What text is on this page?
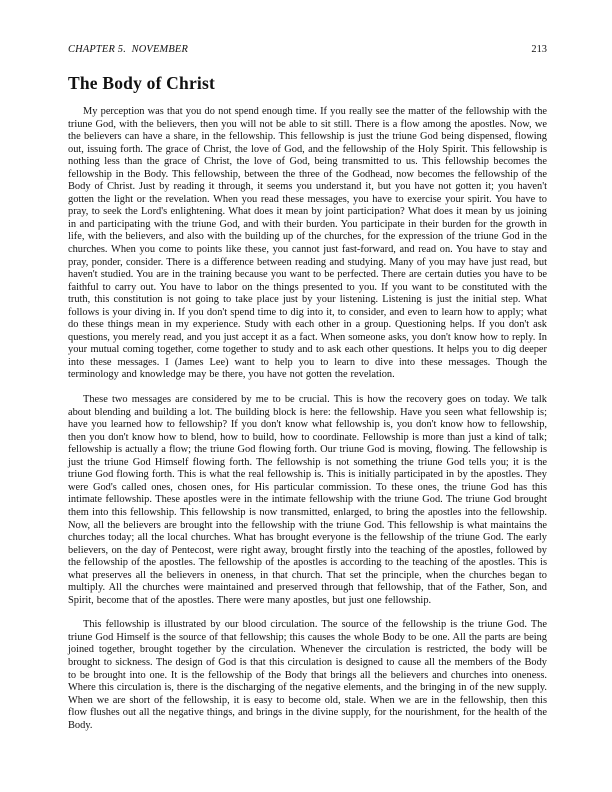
CHAPTER 5.  NOVEMBER	213
The Body of Christ

My perception was that you do not spend enough time. If you really see the matter of the fellowship with the triune God, with the believers, then you will not be able to sit still. There is a flow among the apostles. Now, we the believers can have a share, in the fellowship. This fellowship is just the triune God being dispensed, flowing out, issuing forth. The grace of Christ, the love of God, and the fellowship of the Holy Spirit. This fellowship is nothing less than the grace of Christ, the love of God, being transmitted to us. This fellowship becomes the fellowship in the Body. This fellowship, between the three of the Godhead, now becomes the fellowship of the Body of Christ. Just by reading it through, it seems you understand it, but you have not gotten it; you haven't gotten the light or the revelation. When you read these messages, you have to exercise your spirit. You have to pray, to seek the Lord's enlightening. What does it mean by joint participation? What does it mean by us joining in and participating with the triune God, and with their burden. You participate in their burden for the growth in life, with the believers, and also with the building up of the churches, for the expression of the triune God in the churches. When you come to points like these, you cannot just fast-forward, and read on. You have to stay and pray, ponder, consider. There is a difference between reading and studying. Many of you may have just read, but haven't studied. You are in the training because you want to be perfected. There are certain duties you have to be faithful to carry out. You have to labor on the things presented to you. If you want to be constituted with the truth, this constitution is not going to take place just by your listening. Listening is just the initial step. What follows is your diving in. If you don't spend time to dig into it, to consider, and even to learn how to apply; what do these things mean in my experience. Study with each other in a group. Questioning helps. If you don't ask questions, you merely read, and you just accept it as a fact. When someone asks, you don't know how to reply. In your mutual coming together, come together to study and to ask each other questions. It helps you to dig deeper into these messages. I (James Lee) want to help you to learn to dive into these messages. Though the terminology and knowledge may be there, you have not gotten the revelation.

These two messages are considered by me to be crucial. This is how the recovery goes on today. We talk about blending and building a lot. The building block is here: the fellowship. Have you seen what fellowship is; have you learned how to fellowship? If you don't know what fellowship is, you don't know how to fellowship, then you don't know how to blend, how to build, how to coordinate. Fellowship is more than just a kind of talk; fellowship is actually a flow; the triune God flowing forth. Our triune God is moving, flowing. The fellowship is just the triune God Himself flowing forth. The fellowship is not something the triune God tells you; it is the triune God flowing forth. This is what the real fellowship is. This is initially participated in by the apostles. They were God's called ones, chosen ones, for His particular commission. To these ones, the triune God has this intimate fellowship. These apostles were in the intimate fellowship with the triune God. The triune God brought them into this fellowship. This fellowship is now transmitted, enlarged, to bring the apostles into the fellowship. Now, all the believers are brought into the fellowship with the triune God. This fellowship is what maintains the churches today; all the local churches. What has brought everyone is the fellowship of the triune God. The early believers, on the day of Pentecost, were right away, brought firstly into the teaching of the apostles, followed by the fellowship of the apostles. The fellowship of the apostles is according to the teaching of the apostles. This is what preserves all the believers in oneness, in that church. That set the principle, when the churches began to multiply. All the churches were maintained and preserved through that fellowship, that of the Father, Son, and Spirit, become that of the apostles. There were many apostles, but just one fellowship.

This fellowship is illustrated by our blood circulation. The source of the fellowship is the triune God. The triune God Himself is the source of that fellowship; this causes the whole Body to be one. All the parts are being joined together, brought together by the circulation. Whenever the circulation is restricted, the body will be brought to sickness. The design of God is that this circulation is designed to cause all the members of the Body to be brought into one. It is the fellowship of the Body that brings all the believers and churches into oneness. Where this circulation is, there is the discharging of the negative elements, and the bringing in of the new supply. When we are short of the fellowship, it is easy to become old, stale. When we are in the fellowship, then this flow flushes out all the negative things, and brings in the divine supply, for the nourishment, for the health of the Body.
